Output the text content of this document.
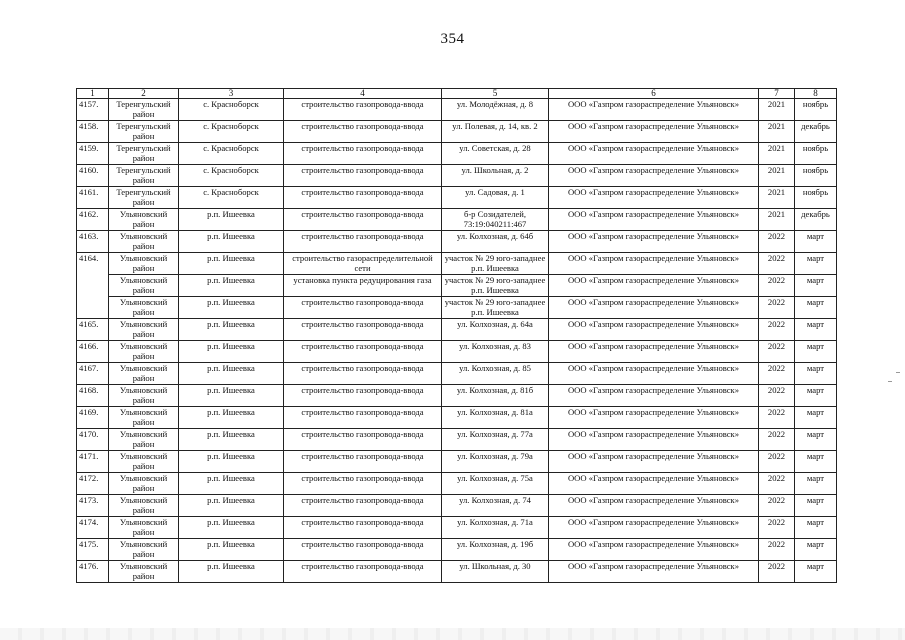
354
1	2	3	4	5	6	7	8
4157.	Теренгульский район	с. Красноборск	строительство газопровода-ввода	ул. Молодёжная, д. 8	ООО «Газпром газораспределение Ульяновск»	2021	ноябрь
4158.	Теренгульский район	с. Красноборск	строительство газопровода-ввода	ул. Полевая, д. 14, кв. 2	ООО «Газпром газораспределение Ульяновск»	2021	декабрь
4159.	Теренгульский район	с. Красноборск	строительство газопровода-ввода	ул. Советская, д. 28	ООО «Газпром газораспределение Ульяновск»	2021	ноябрь
4160.	Теренгульский район	с. Красноборск	строительство газопровода-ввода	ул. Школьная, д. 2	ООО «Газпром газораспределение Ульяновск»	2021	ноябрь
4161.	Теренгульский район	с. Красноборск	строительство газопровода-ввода	ул. Садовая, д. 1	ООО «Газпром газораспределение Ульяновск»	2021	ноябрь
4162.	Ульяновский район	р.п. Ишеевка	строительство газопровода-ввода	б-р Созидателей, 73:19:040211:467	ООО «Газпром газораспределение Ульяновск»	2021	декабрь
4163.	Ульяновский район	р.п. Ишеевка	строительство газопровода-ввода	ул. Колхозная, д. 64б	ООО «Газпром газораспределение Ульяновск»	2022	март
4164.	Ульяновский район	р.п. Ишеевка	строительство газораспределительной сети	участок № 29 юго-западнее р.п. Ишеевка	ООО «Газпром газораспределение Ульяновск»	2022	март
	Ульяновский район	р.п. Ишеевка	установка пункта редуцирования газа	участок № 29 юго-западнее р.п. Ишеевка	ООО «Газпром газораспределение Ульяновск»	2022	март
	Ульяновский район	р.п. Ишеевка	строительство газопровода-ввода	участок № 29 юго-западнее р.п. Ишеевка	ООО «Газпром газораспределение Ульяновск»	2022	март
4165.	Ульяновский район	р.п. Ишеевка	строительство газопровода-ввода	ул. Колхозная, д. 64а	ООО «Газпром газораспределение Ульяновск»	2022	март
4166.	Ульяновский район	р.п. Ишеевка	строительство газопровода-ввода	ул. Колхозная, д. 83	ООО «Газпром газораспределение Ульяновск»	2022	март
4167.	Ульяновский район	р.п. Ишеевка	строительство газопровода-ввода	ул. Колхозная, д. 85	ООО «Газпром газораспределение Ульяновск»	2022	март
4168.	Ульяновский район	р.п. Ишеевка	строительство газопровода-ввода	ул. Колхозная, д. 81б	ООО «Газпром газораспределение Ульяновск»	2022	март
4169.	Ульяновский район	р.п. Ишеевка	строительство газопровода-ввода	ул. Колхозная, д. 81а	ООО «Газпром газораспределение Ульяновск»	2022	март
4170.	Ульяновский район	р.п. Ишеевка	строительство газопровода-ввода	ул. Колхозная, д. 77а	ООО «Газпром газораспределение Ульяновск»	2022	март
4171.	Ульяновский район	р.п. Ишеевка	строительство газопровода-ввода	ул. Колхозная, д. 79а	ООО «Газпром газораспределение Ульяновск»	2022	март
4172.	Ульяновский район	р.п. Ишеевка	строительство газопровода-ввода	ул. Колхозная, д. 75а	ООО «Газпром газораспределение Ульяновск»	2022	март
4173.	Ульяновский район	р.п. Ишеевка	строительство газопровода-ввода	ул. Колхозная, д. 74	ООО «Газпром газораспределение Ульяновск»	2022	март
4174.	Ульяновский район	р.п. Ишеевка	строительство газопровода-ввода	ул. Колхозная, д. 71а	ООО «Газпром газораспределение Ульяновск»	2022	март
4175.	Ульяновский район	р.п. Ишеевка	строительство газопровода-ввода	ул. Колхозная, д. 19б	ООО «Газпром газораспределение Ульяновск»	2022	март
4176.	Ульяновский район	р.п. Ишеевка	строительство газопровода-ввода	ул. Школьная, д. 30	ООО «Газпром газораспределение Ульяновск»	2022	март
